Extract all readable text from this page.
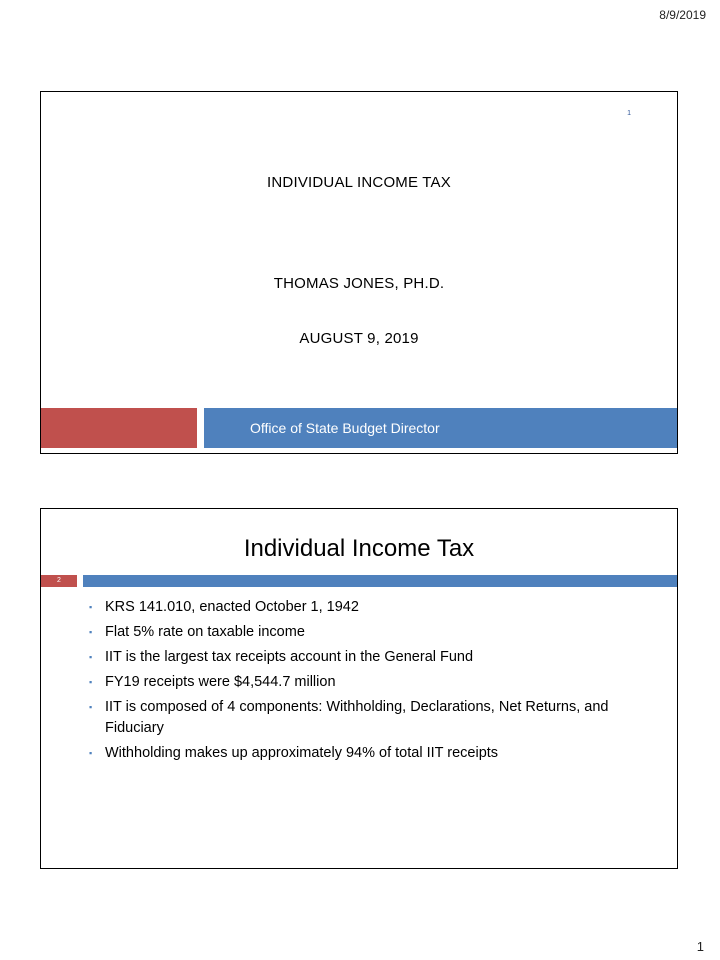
8/9/2019
1
INDIVIDUAL INCOME TAX
THOMAS JONES, PH.D.
AUGUST 9, 2019
Office of State Budget Director
Individual Income Tax
2
▪ KRS 141.010, enacted October 1, 1942
▪ Flat 5% rate on taxable income
▪ IIT is the largest tax receipts account in the General Fund
▪ FY19 receipts were $4,544.7 million
▪ IIT is composed of 4 components: Withholding, Declarations, Net Returns, and Fiduciary
▪ Withholding makes up approximately 94% of total IIT receipts
1
